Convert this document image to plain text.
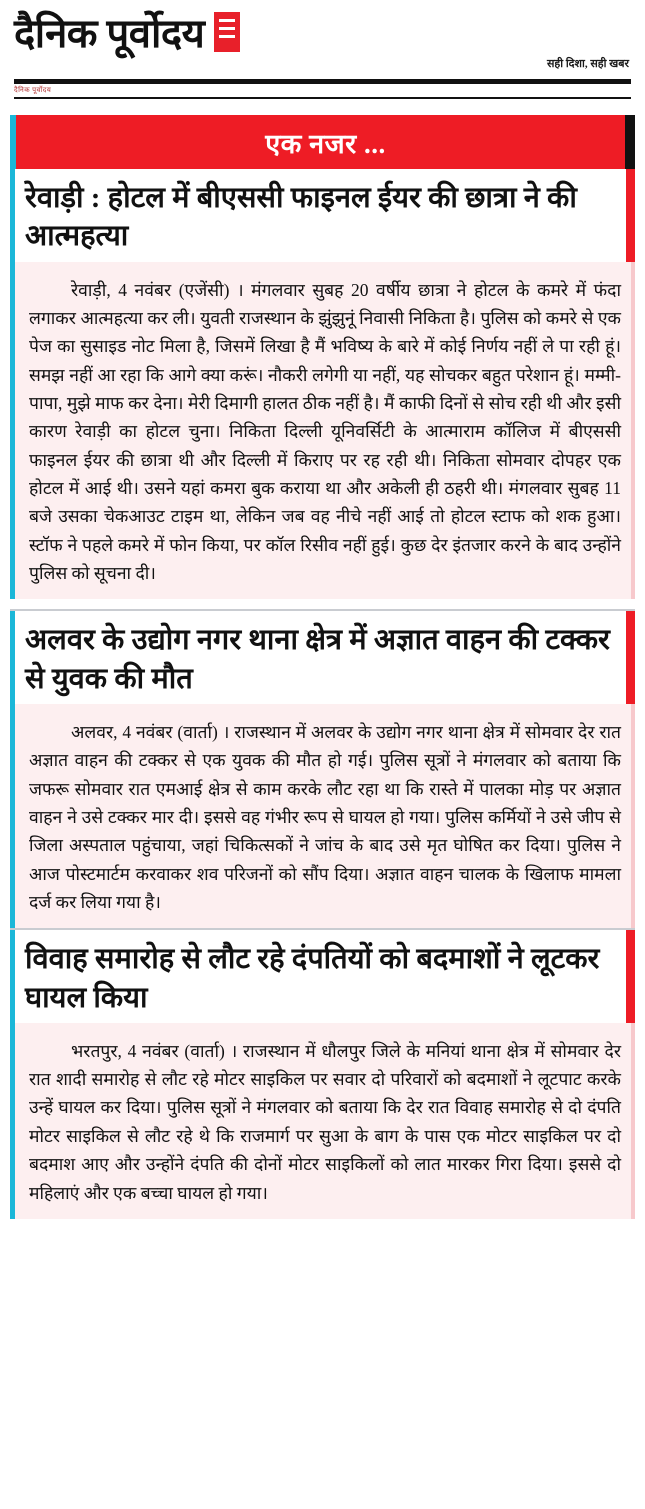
दैनिक पूर्वोदय
सही दिशा, सही खबर
दैनिक पूर्वोदय
एक नजर ...
रेवाड़ी : होटल में बीएससी फाइनल ईयर की छात्रा ने की आत्महत्या

रेवाड़ी, 4 नवंबर (एजेंसी) । मंगलवार सुबह 20 वर्षीय छात्रा ने होटल के कमरे में फंदा लगाकर आत्महत्या कर ली। युवती राजस्थान के झुंझुनूं निवासी निकिता है। पुलिस को कमरे से एक पेज का सुसाइड नोट मिला है, जिसमें लिखा है मैं भविष्य के बारे में कोई निर्णय नहीं ले पा रही हूं। समझ नहीं आ रहा कि आगे क्या करूं। नौकरी लगेगी या नहीं, यह सोचकर बहुत परेशान हूं। मम्मी-पापा, मुझे माफ कर देना। मेरी दिमागी हालत ठीक नहीं है। मैं काफी दिनों से सोच रही थी और इसी कारण रेवाड़ी का होटल चुना। निकिता दिल्ली यूनिवर्सिटी के आत्माराम कॉलिज में बीएससी फाइनल ईयर की छात्रा थी और दिल्ली में किराए पर रह रही थी। निकिता सोमवार दोपहर एक होटल में आई थी। उसने यहां कमरा बुक कराया था और अकेली ही ठहरी थी। मंगलवार सुबह 11 बजे उसका चेकआउट टाइम था, लेकिन जब वह नीचे नहीं आई तो होटल स्टाफ को शक हुआ। स्टॉफ ने पहले कमरे में फोन किया, पर कॉल रिसीव नहीं हुई। कुछ देर इंतजार करने के बाद उन्होंने पुलिस को सूचना दी।

अलवर के उद्योग नगर थाना क्षेत्र में अज्ञात वाहन की टक्कर से युवक की मौत

अलवर, 4 नवंबर (वार्ता) । राजस्थान में अलवर के उद्योग नगर थाना क्षेत्र में सोमवार देर रात अज्ञात वाहन की टक्कर से एक युवक की मौत हो गई। पुलिस सूत्रों ने मंगलवार को बताया कि जफरू सोमवार रात एमआई क्षेत्र से काम करके लौट रहा था कि रास्ते में पालका मोड़ पर अज्ञात वाहन ने उसे टक्कर मार दी। इससे वह गंभीर रूप से घायल हो गया। पुलिस कर्मियों ने उसे जीप से जिला अस्पताल पहुंचाया, जहां चिकित्सकों ने जांच के बाद उसे मृत घोषित कर दिया। पुलिस ने आज पोस्टमार्टम करवाकर शव परिजनों को सौंप दिया। अज्ञात वाहन चालक के खिलाफ मामला दर्ज कर लिया गया है।

विवाह समारोह से लौट रहे दंपतियों को बदमाशों ने लूटकर घायल किया

भरतपुर, 4 नवंबर (वार्ता) । राजस्थान में धौलपुर जिले के मनियां थाना क्षेत्र में सोमवार देर रात शादी समारोह से लौट रहे मोटर साइकिल पर सवार दो परिवारों को बदमाशों ने लूटपाट करके उन्हें घायल कर दिया। पुलिस सूत्रों ने मंगलवार को बताया कि देर रात विवाह समारोह से दो दंपति मोटर साइकिल से लौट रहे थे कि राजमार्ग पर सुआ के बाग के पास एक मोटर साइकिल पर दो बदमाश आए और उन्होंने दंपति की दोनों मोटर साइकिलों को लात मारकर गिरा दिया। इससे दो महिलाएं और एक बच्चा घायल हो गया।
